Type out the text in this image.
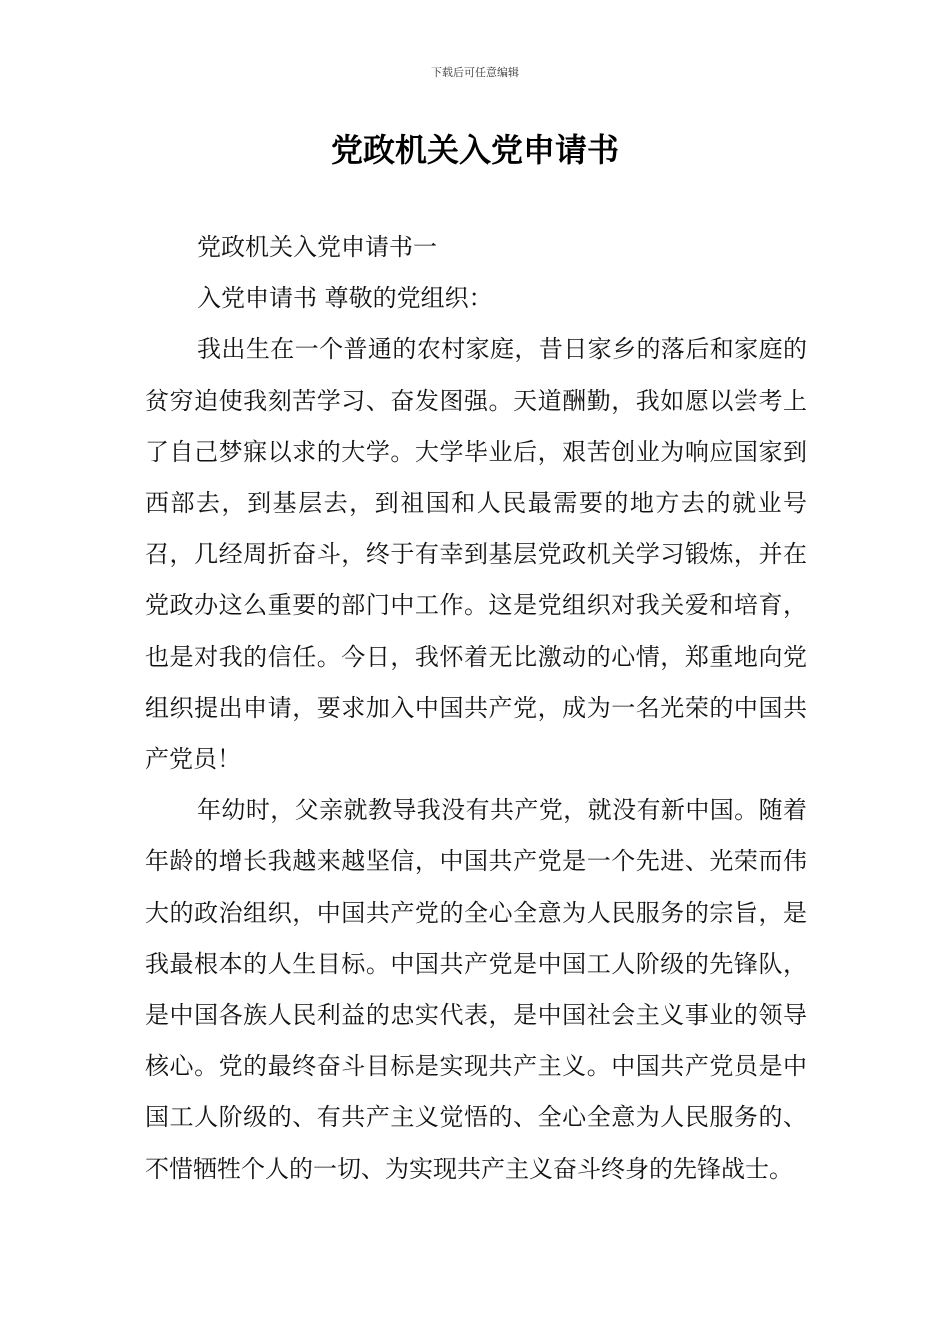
下载后可任意编辑
党政机关入党申请书

党政机关入党申请书一

入党申请书 尊敬的党组织：

我出生在一个普通的农村家庭，昔日家乡的落后和家庭的贫穷迫使我刻苦学习、奋发图强。天道酬勤，我如愿以尝考上了自己梦寐以求的大学。大学毕业后，艰苦创业为响应国家到西部去，到基层去，到祖国和人民最需要的地方去的就业号召，几经周折奋斗，终于有幸到基层党政机关学习锻炼，并在党政办这么重要的部门中工作。这是党组织对我关爱和培育，也是对我的信任。今日，我怀着无比激动的心情，郑重地向党组织提出申请，要求加入中国共产党，成为一名光荣的中国共产党员！

年幼时，父亲就教导我没有共产党，就没有新中国。随着年龄的增长我越来越坚信，中国共产党是一个先进、光荣而伟大的政治组织，中国共产党的全心全意为人民服务的宗旨，是我最根本的人生目标。中国共产党是中国工人阶级的先锋队，是中国各族人民利益的忠实代表，是中国社会主义事业的领导核心。党的最终奋斗目标是实现共产主义。中国共产党员是中国工人阶级的、有共产主义觉悟的、全心全意为人民服务的、不惜牺牲个人的一切、为实现共产主义奋斗终身的先锋战士。
